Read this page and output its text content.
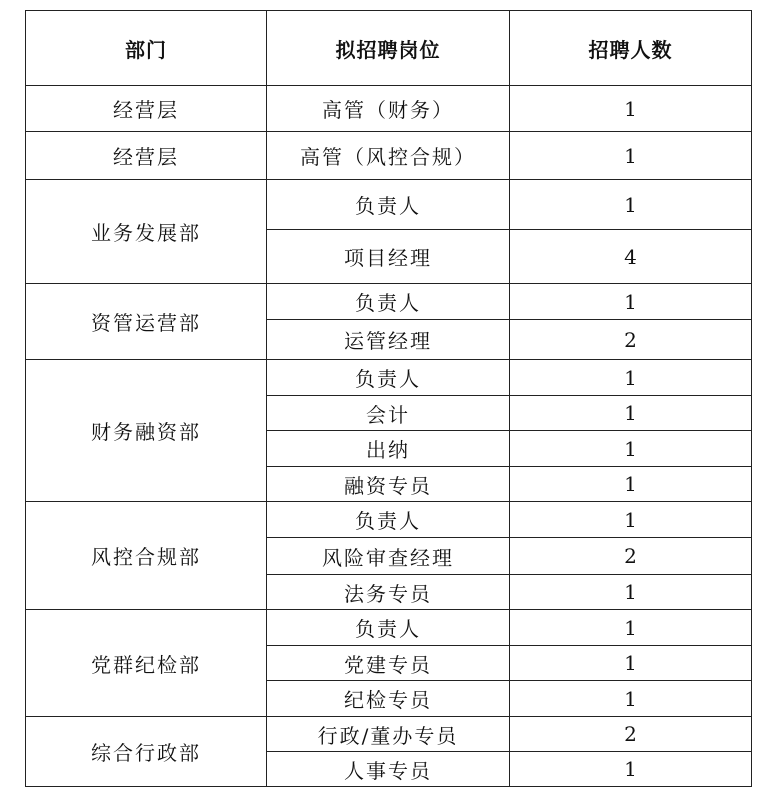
部门	拟招聘岗位	招聘人数
经营层	高管（财务）	1
经营层	高管（风控合规）	1
业务发展部	负责人	1
	项目经理	4
资管运营部	负责人	1
	运管经理	2
财务融资部	负责人	1
	会计	1
	出纳	1
	融资专员	1
风控合规部	负责人	1
	风险审查经理	2
	法务专员	1
党群纪检部	负责人	1
	党建专员	1
	纪检专员	1
综合行政部	行政/董办专员	2
	人事专员	1
